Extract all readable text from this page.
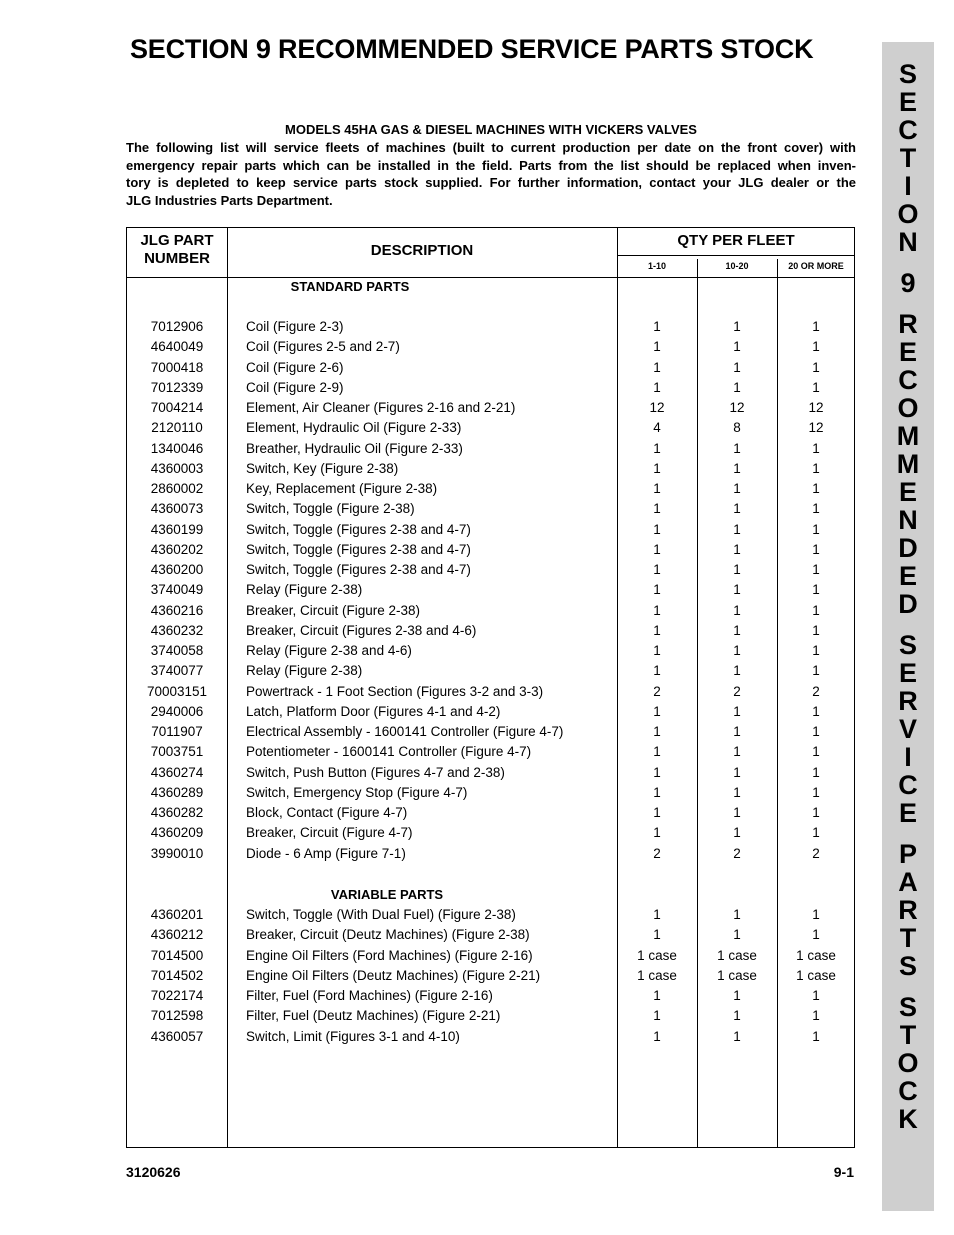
SECTION 9 RECOMMENDED SERVICE PARTS STOCK
S
E
C
T
I
O
N
9
R
E
C
O
M
M
E
N
D
E
D
S
E
R
V
I
C
E
P
A
R
T
S
S
T
O
C
K
MODELS 45HA GAS & DIESEL MACHINES WITH VICKERS VALVES
The following list will service fleets of machines (built to current production per date on the front cover) with
emergency repair parts which can be installed in the field. Parts from the list should be replaced when inven-
tory is depleted to keep service parts stock supplied. For further information, contact your JLG dealer or the
JLG Industries Parts Department.
JLG PART
NUMBER	DESCRIPTION
QTY PER FLEET
1-10	10-20	20 OR MORE
STANDARD PARTS
7012906	Coil (Figure 2-3)	1	1	1
4640049	Coil (Figures 2-5 and 2-7)	1	1	1
7000418	Coil (Figure 2-6)	1	1	1
7012339	Coil (Figure 2-9)	1	1	1
7004214	Element, Air Cleaner (Figures 2-16 and 2-21)	12	12	12
2120110	Element, Hydraulic Oil (Figure 2-33)	4	8	12
1340046	Breather, Hydraulic Oil (Figure 2-33)	1	1	1
4360003	Switch, Key (Figure 2-38)	1	1	1
2860002	Key, Replacement (Figure 2-38)	1	1	1
4360073	Switch, Toggle (Figure 2-38)	1	1	1
4360199	Switch, Toggle (Figures 2-38 and 4-7)	1	1	1
4360202	Switch, Toggle (Figures 2-38 and 4-7)	1	1	1
4360200	Switch, Toggle (Figures 2-38 and 4-7)	1	1	1
3740049	Relay (Figure 2-38)	1	1	1
4360216	Breaker, Circuit (Figure 2-38)	1	1	1
4360232	Breaker, Circuit (Figures 2-38 and 4-6)	1	1	1
3740058	Relay (Figure 2-38 and 4-6)	1	1	1
3740077	Relay (Figure 2-38)	1	1	1
70003151	Powertrack - 1 Foot Section (Figures 3-2 and 3-3)	2	2	2
2940006	Latch, Platform Door (Figures 4-1 and 4-2)	1	1	1
7011907	Electrical Assembly - 1600141 Controller (Figure 4-7)	1	1	1
7003751	Potentiometer - 1600141 Controller (Figure 4-7)	1	1	1
4360274	Switch, Push Button (Figures 4-7 and 2-38)	1	1	1
4360289	Switch, Emergency Stop (Figure 4-7)	1	1	1
4360282	Block, Contact (Figure 4-7)	1	1	1
4360209	Breaker, Circuit (Figure 4-7)	1	1	1
3990010	Diode - 6 Amp (Figure 7-1)	2	2	2
VARIABLE PARTS
4360201	Switch, Toggle (With Dual Fuel) (Figure 2-38)	1	1	1
4360212	Breaker, Circuit (Deutz Machines) (Figure 2-38)	1	1	1
7014500	Engine Oil Filters (Ford Machines) (Figure 2-16)	1 case	1 case	1 case
7014502	Engine Oil Filters (Deutz Machines) (Figure 2-21)	1 case	1 case	1 case
7022174	Filter, Fuel (Ford Machines) (Figure 2-16)	1	1	1
7012598	Filter, Fuel (Deutz Machines) (Figure 2-21)	1	1	1
4360057	Switch, Limit (Figures 3-1 and 4-10)	1	1	1
3120626	9-1
